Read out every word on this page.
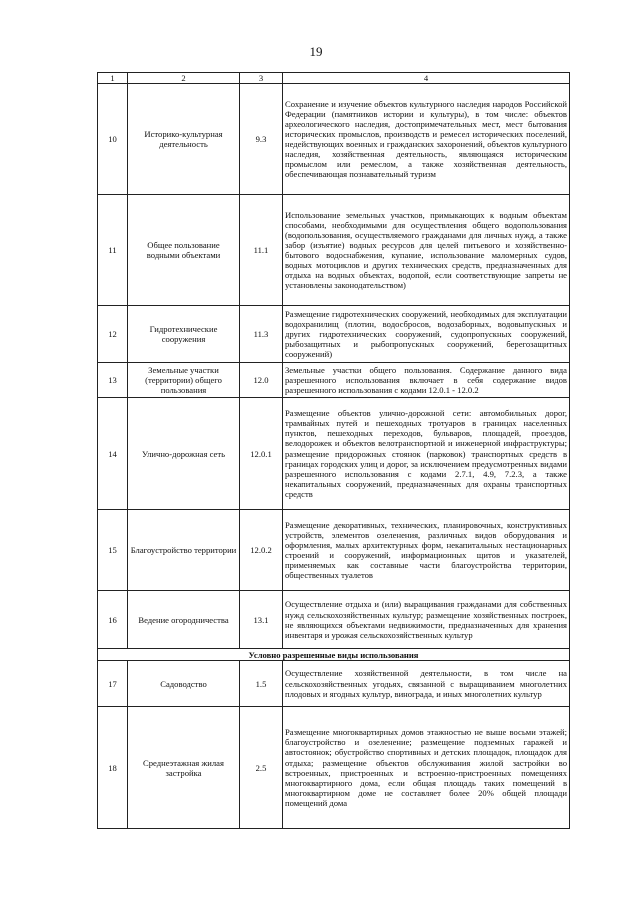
19
1	2	3	4
10	Историко-культурная деятельность	9.3	Сохранение и изучение объектов культурного наследия народов Российской Федерации (памятников истории и культуры), в том числе: объектов археологического наследия, достопримечательных мест, мест бытования исторических промыслов, производств и ремесел исторических поселений, недействующих военных и гражданских захоронений, объектов культурного наследия, хозяйственная деятельность, являющаяся историческим промыслом или ремеслом, а также хозяйственная деятельность, обеспечивающая познавательный туризм
11	Общее пользование водными объектами	11.1	Использование земельных участков, примыкающих к водным объектам способами, необходимыми для осуществления общего водопользования (водопользования, осуществляемого гражданами для личных нужд, а также забор (изъятие) водных ресурсов для целей питьевого и хозяйственно-бытового водоснабжения, купание, использование маломерных судов, водных мотоциклов и других технических средств, предназначенных для отдыха на водных объектах, водопой, если соответствующие запреты не установлены законодательством)
12	Гидротехнические сооружения	11.3	Размещение гидротехнических сооружений, необходимых для эксплуатации водохранилищ (плотин, водосбросов, водозаборных, водовыпускных и других гидротехнических сооружений, судопропускных сооружений, рыбозащитных и рыбопропускных сооружений, берегозащитных сооружений)
13	Земельные участки (территории) общего пользования	12.0	Земельные участки общего пользования. Содержание данного вида разрешенного использования включает в себя содержание видов разрешенного использования с кодами 12.0.1 - 12.0.2
14	Улично-дорожная сеть	12.0.1	Размещение объектов улично-дорожной сети: автомобильных дорог, трамвайных путей и пешеходных тротуаров в границах населенных пунктов, пешеходных переходов, бульваров, площадей, проездов, велодорожек и объектов велотранспортной и инженерной инфраструктуры; размещение придорожных стоянок (парковок) транспортных средств в границах городских улиц и дорог, за исключением предусмотренных видами разрешенного использования с кодами 2.7.1, 4.9, 7.2.3, а также некапитальных сооружений, предназначенных для охраны транспортных средств
15	Благоустройство территории	12.0.2	Размещение декоративных, технических, планировочных, конструктивных устройств, элементов озеленения, различных видов оборудования и оформления, малых архитектурных форм, некапитальных нестационарных строений и сооружений, информационных щитов и указателей, применяемых как составные части благоустройства территории, общественных туалетов
16	Ведение огородничества	13.1	Осуществление отдыха и (или) выращивания гражданами для собственных нужд сельскохозяйственных культур; размещение хозяйственных построек, не являющихся объектами недвижимости, предназначенных для хранения инвентаря и урожая сельскохозяйственных культур
Условно разрешенные виды использования			
17	Садоводство	1.5	Осуществление хозяйственной деятельности, в том числе на сельскохозяйственных угодьях, связанной с выращиванием многолетних плодовых и ягодных культур, винограда, и иных многолетних культур
18	Среднеэтажная жилая застройка	2.5	Размещение многоквартирных домов этажностью не выше восьми этажей; благоустройство и озеленение; размещение подземных гаражей и автостоянок; обустройство спортивных и детских площадок, площадок для отдыха; размещение объектов обслуживания жилой застройки во встроенных, пристроенных и встроенно-пристроенных помещениях многоквартирного дома, если общая площадь таких помещений в многоквартирном доме не составляет более 20% общей площади помещений дома
